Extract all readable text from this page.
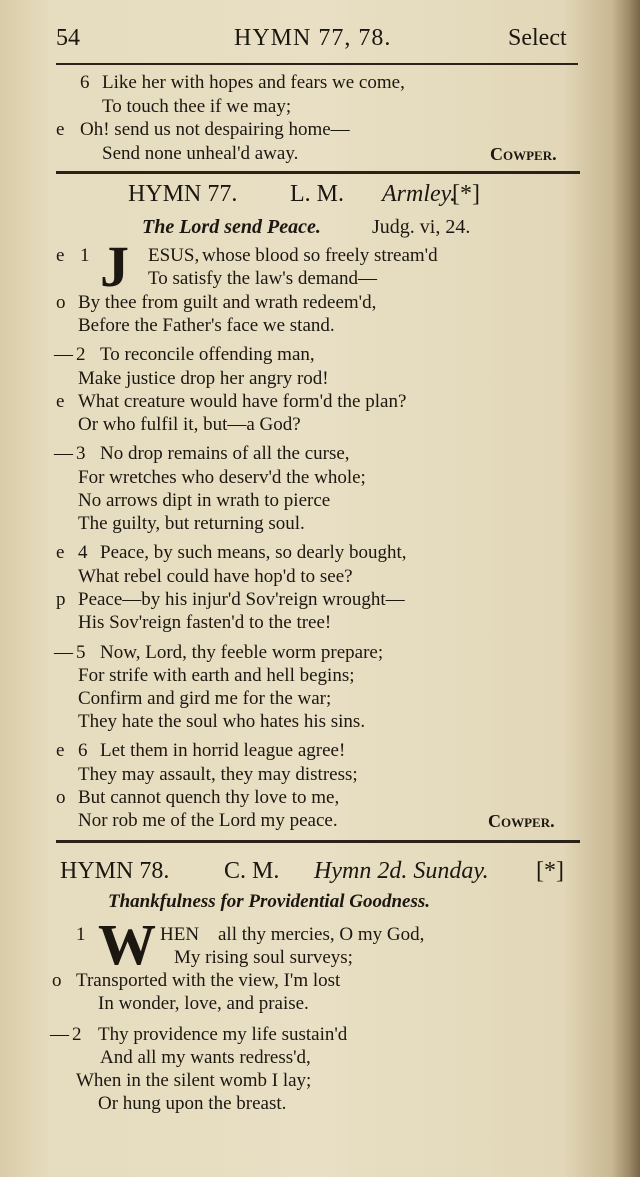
54	HYMN 77, 78.	Select
6 Like her with hopes and fears we come,
To touch thee if we may;
e Oh! send us not despairing home—
Send none unheal'd away.	Cowper.
HYMN 77. L. M. Armley.
[*]
The Lord send Peace.	Judg. vi, 24.
e 1 J ESUS, whose blood so freely stream'd
To satisfy the law's demand—
o By thee from guilt and wrath redeem'd,
Before the Father's face we stand.
— 2 To reconcile offending man,
Make justice drop her angry rod!
e What creature would have form'd the plan?
Or who fulfil it, but—a God?
— 3 No drop remains of all the curse,
For wretches who deserv'd the whole;
No arrows dipt in wrath to pierce
The guilty, but returning soul.
e 4 Peace, by such means, so dearly bought,
What rebel could have hop'd to see?
p Peace—by his injur'd Sov'reign wrought—
His Sov'reign fasten'd to the tree!
— 5 Now, Lord, thy feeble worm prepare;
For strife with earth and hell begins;
Confirm and gird me for the war;
They hate the soul who hates his sins.
e 6 Let them in horrid league agree!
They may assault, they may distress;
o But cannot quench thy love to me,
Nor rob me of the Lord my peace.	Cowper.
HYMN 78. C. M. Hymn 2d. Sunday. [*]
Thankfulness for Providential Goodness.
1 W HEN all thy mercies, O my God,
My rising soul surveys;
o Transported with the view, I'm lost
In wonder, love, and praise.
— 2 Thy providence my life sustain'd
And all my wants redress'd,
When in the silent womb I lay;
Or hung upon the breast.
